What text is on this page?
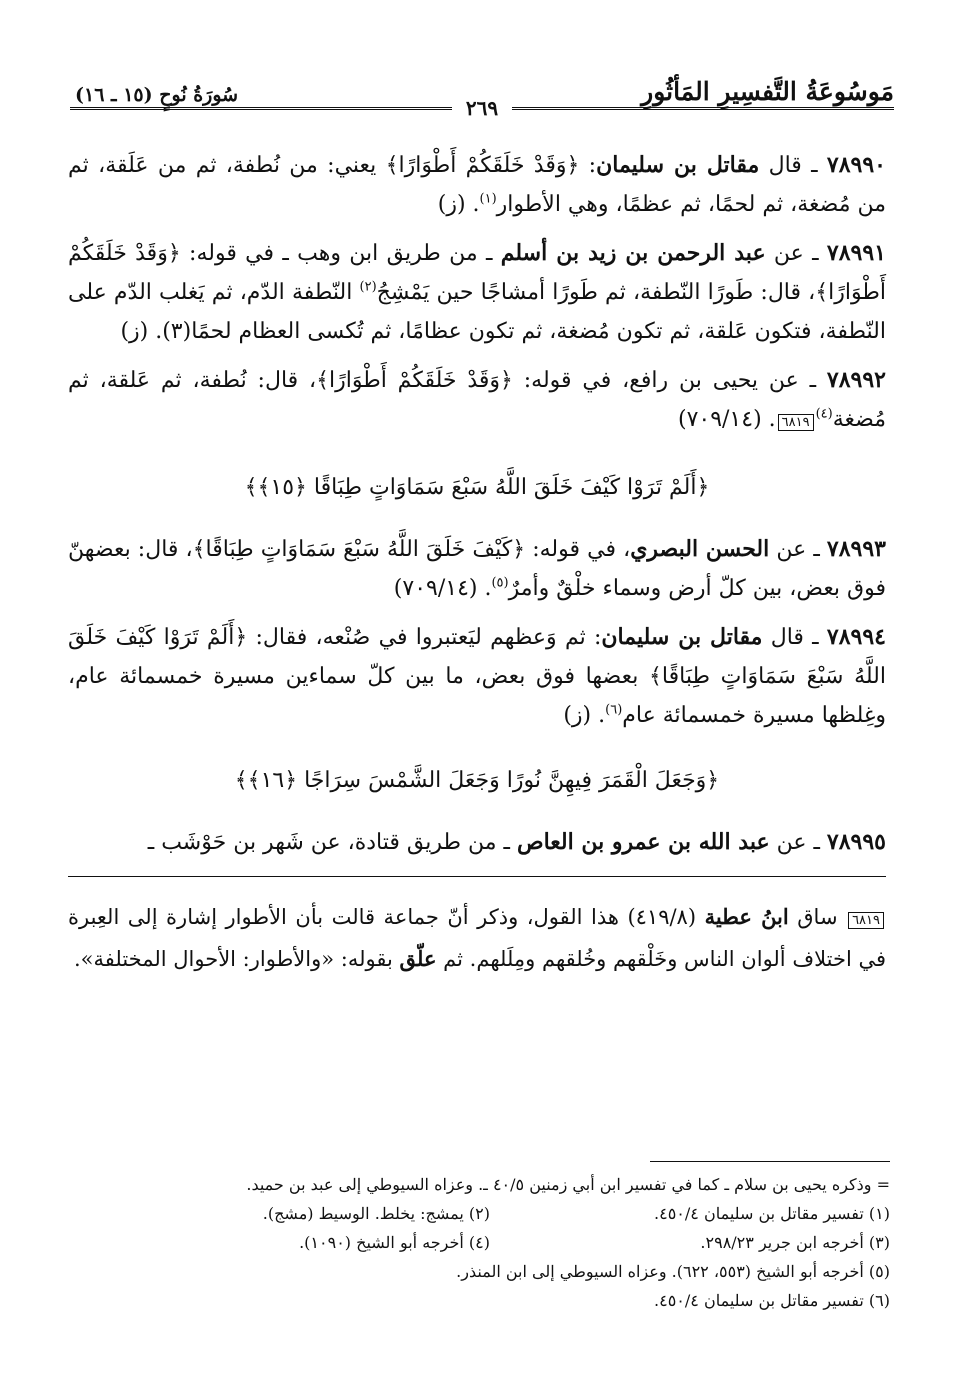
سُورَةُ نُوحٍ (١٥ ـ ١٦)	مَوسُوعَةُ التَّفسِيرِ المَأثُورِ
٢٦٩

٧٨٩٩٠ ـ قال مقاتل بن سليمان: ﴿وَقَدْ خَلَقَكُمْ أَطْوَارًا﴾ يعني: من نُطفة، ثم من عَلَقة، ثم من مُضغة، ثم لحمًا، ثم عظمًا، وهي الأطوار$^{(١)}$. (ز)

٧٨٩٩١ ـ عن عبد الرحمن بن زيد بن أسلم ـ من طريق ابن وهب ـ في قوله: ﴿وَقَدْ خَلَقَكُمْ أَطْوَارًا﴾، قال: طَورًا النّطفة، ثم طَورًا أمشاجًا حين يَمْشِجُ$^{(٢)}$ النّطفة الدّم، ثم يَغلب الدّم على النّطفة، فتكون عَلقة، ثم تكون مُضغة، ثم تكون عظامًا، ثم تُكسى العظام لحمًا(٣). (ز)

٧٨٩٩٢ ـ عن يحيى بن رافع، في قوله: ﴿وَقَدْ خَلَقَكُمْ أَطْوَارًا﴾، قال: نُطفة، ثم عَلقة، ثم مُضغة$^{(٤)}$٦٨١٩. (٧٠٩/١٤)

﴿أَلَمْ تَرَوْا كَيْفَ خَلَقَ اللَّهُ سَبْعَ سَمَاوَاتٍ طِبَاقًا ﴿١٥﴾﴾

٧٨٩٩٣ ـ عن الحسن البصري، في قوله: ﴿كَيْفَ خَلَقَ اللَّهُ سَبْعَ سَمَاوَاتٍ طِبَاقًا﴾، قال: بعضهنّ فوق بعض، بين كلّ أرض وسماء خلْقٌ وأمرٌ$^{(٥)}$. (٧٠٩/١٤)

٧٨٩٩٤ ـ قال مقاتل بن سليمان: ثم وَعظهم ليَعتبروا في صُنْعه، فقال: ﴿أَلَمْ تَرَوْا كَيْفَ خَلَقَ اللَّهُ سَبْعَ سَمَاوَاتٍ طِبَاقًا﴾ بعضها فوق بعض، ما بين كلّ سماءين مسيرة خمسمائة عام، وغِلظها مسيرة خمسمائة عام$^{(٦)}$. (ز)

﴿وَجَعَلَ الْقَمَرَ فِيهِنَّ نُورًا وَجَعَلَ الشَّمْسَ سِرَاجًا ﴿١٦﴾﴾

٧٨٩٩٥ ـ عن عبد الله بن عمرو بن العاص ـ من طريق قتادة، عن شَهر بن حَوْشَب ـ

٦٨١٩ ساق ابنُ عطية (٤١٩/٨) هذا القول، وذكر أنّ جماعة قالت بأن الأطوار إشارة إلى العِبرة في اختلاف ألوان الناس وخَلْقهم وخُلقهم ومِلَلهم. ثم علّق بقوله: «والأطوار: الأحوال المختلفة».

= وذكره يحيى بن سلام ـ كما في تفسير ابن أبي زمنين ٤٠/٥ ـ. وعزاه السيوطي إلى عبد بن حميد.
(١) تفسير مقاتل بن سليمان ٤٥٠/٤.
(٢) يمشج: يخلط. الوسيط (مشج).
(٣) أخرجه ابن جرير ٢٩٨/٢٣.
(٤) أخرجه أبو الشيخ (١٠٩٠).
(٥) أخرجه أبو الشيخ (٥٥٣، ٦٢٢). وعزاه السيوطي إلى ابن المنذر.
(٦) تفسير مقاتل بن سليمان ٤٥٠/٤.
